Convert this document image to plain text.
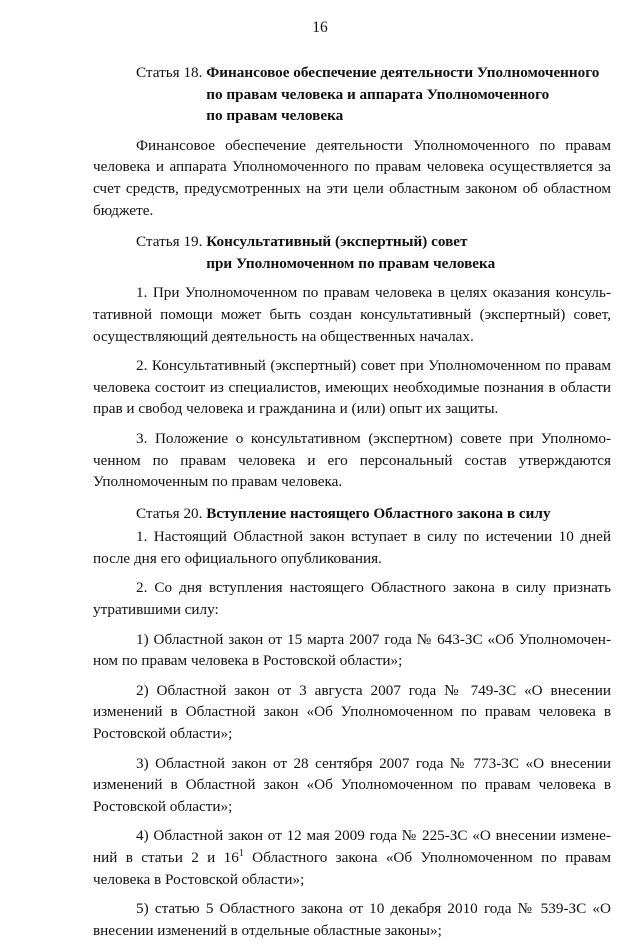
16
Статья 18. Финансовое обеспечение деятельности Уполномоченного
по правам человека и аппарата Уполномоченного
по правам человека

Финансовое обеспечение деятельности Уполномоченного по правам человека и аппарата Уполномоченного по правам человека осуществляется за счет средств, предусмотренных на эти цели областным законом об областном бюджете.

Статья 19. Консультативный (экспертный) совет
при Уполномоченном по правам человека

1. При Уполномоченном по правам человека в целях оказания консультативной помощи может быть создан консультативный (экспертный) совет, осуществляющий деятельность на общественных началах.

2. Консультативный (экспертный) совет при Уполномоченном по правам человека состоит из специалистов, имеющих необходимые познания в области прав и свобод человека и гражданина и (или) опыт их защиты.

3. Положение о консультативном (экспертном) совете при Уполномоченном по правам человека и его персональный состав утверждаются Уполномоченным по правам человека.

Статья 20. Вступление настоящего Областного закона в силу

1. Настоящий Областной закон вступает в силу по истечении 10 дней после дня его официального опубликования.

2. Со дня вступления настоящего Областного закона в силу признать утратившими силу:

1) Областной закон от 15 марта 2007 года № 643-ЗС «Об Уполномоченном по правам человека в Ростовской области»;

2) Областной закон от 3 августа 2007 года № 749-ЗС «О внесении изменений в Областной закон «Об Уполномоченном по правам человека в Ростовской области»;

3) Областной закон от 28 сентября 2007 года № 773-ЗС «О внесении изменений в Областной закон «Об Уполномоченном по правам человека в Ростовской области»;

4) Областной закон от 12 мая 2009 года № 225-ЗС «О внесении изменений в статьи 2 и $16^1$ Областного закона «Об Уполномоченном по правам человека в Ростовской области»;

5) статью 5 Областного закона от 10 декабря 2010 года № 539-ЗС «О внесении изменений в отдельные областные законы»;
